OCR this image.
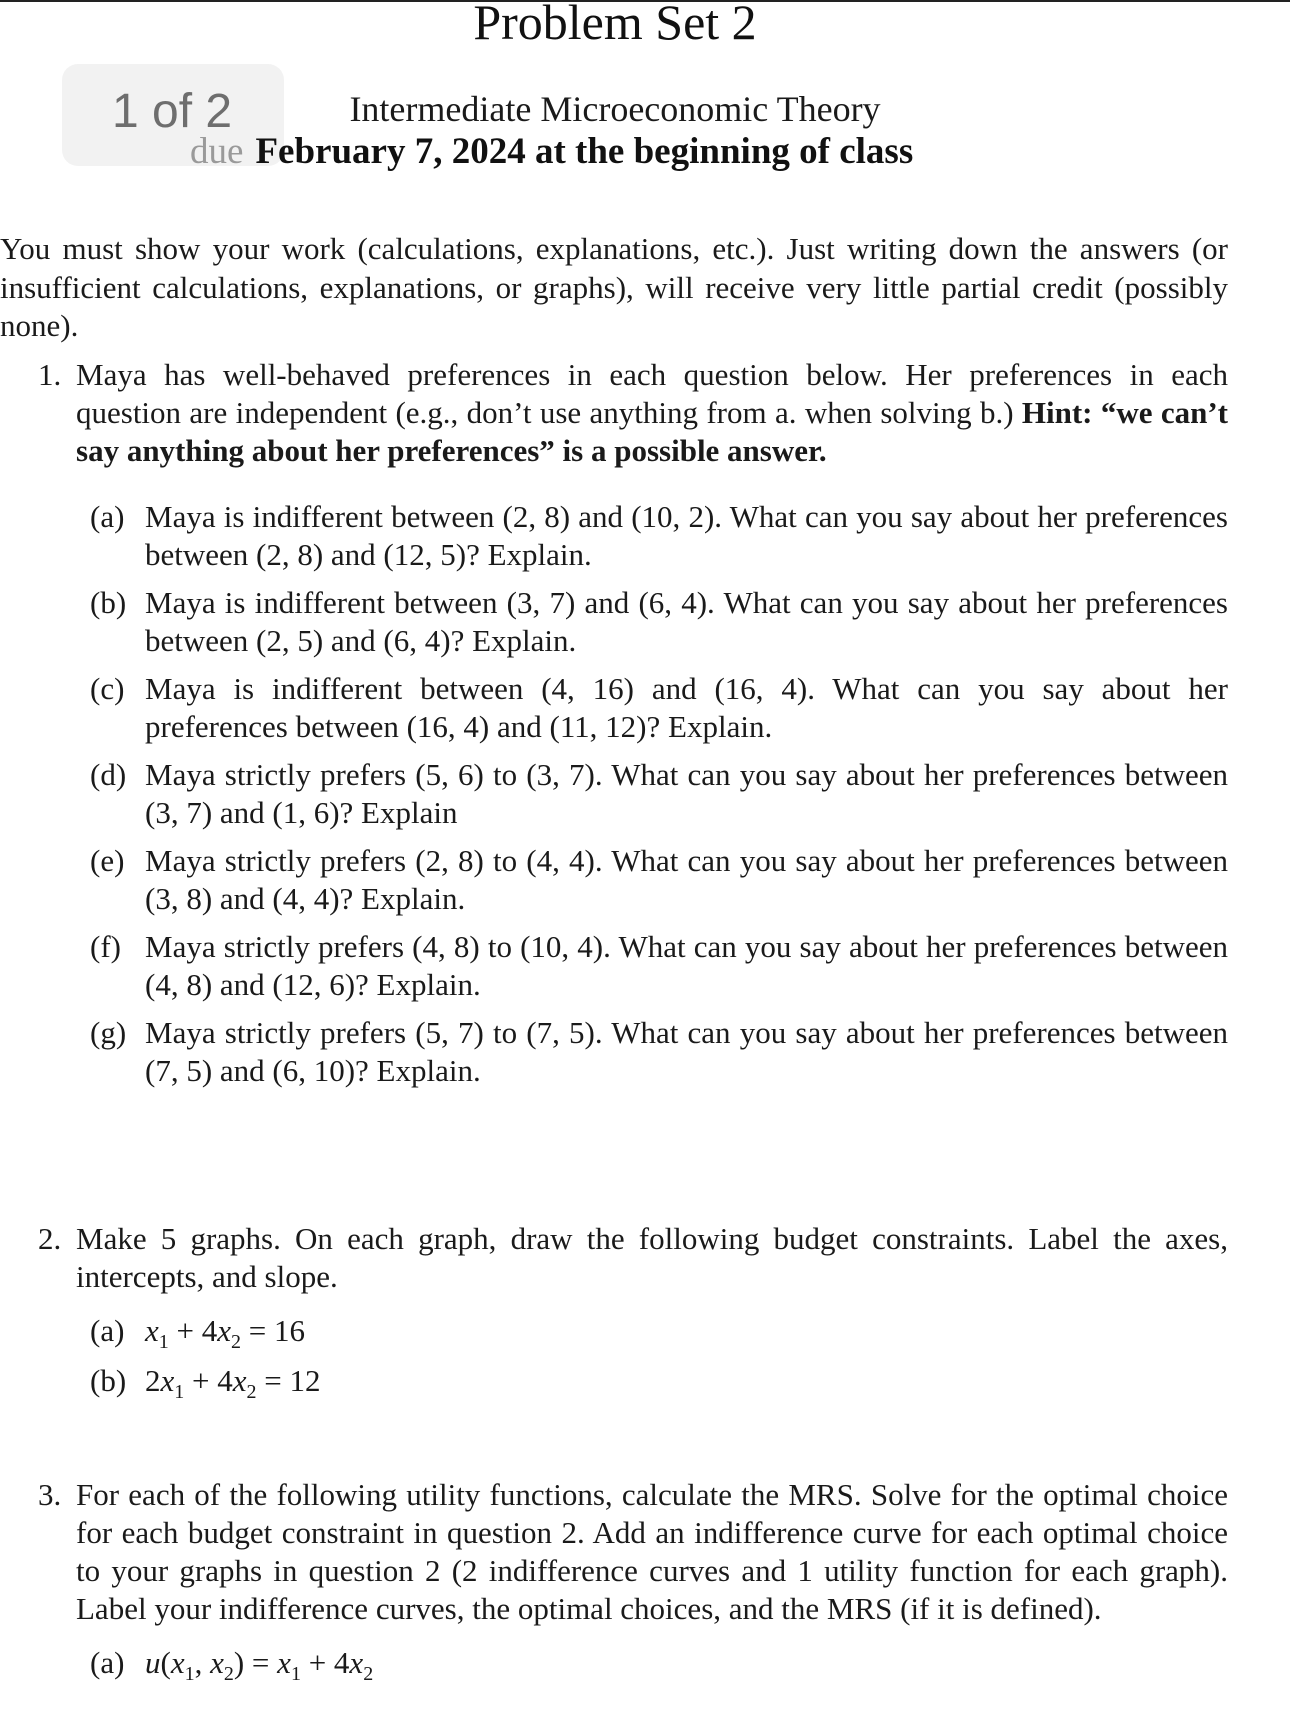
Problem Set 2
1 of 2	Intermediate Microeconomic Theory
due February 7, 2024 at the beginning of class
You must show your work (calculations, explanations, etc.). Just writing down the answers (or insufficient calculations, explanations, or graphs), will receive very little partial credit (possibly none).
1. Maya has well-behaved preferences in each question below. Her preferences in each question are independent (e.g., don’t use anything from a. when solving b.) Hint: “we can’t say anything about her preferences” is a possible answer.
(a) Maya is indifferent between (2, 8) and (10, 2). What can you say about her preferences between (2, 8) and (12, 5)? Explain.
(b) Maya is indifferent between (3, 7) and (6, 4). What can you say about her preferences between (2, 5) and (6, 4)? Explain.
(c) Maya is indifferent between (4, 16) and (16, 4). What can you say about her preferences between (16, 4) and (11, 12)? Explain.
(d) Maya strictly prefers (5, 6) to (3, 7). What can you say about her preferences between (3, 7) and (1, 6)? Explain
(e) Maya strictly prefers (2, 8) to (4, 4). What can you say about her preferences between (3, 8) and (4, 4)? Explain.
(f) Maya strictly prefers (4, 8) to (10, 4). What can you say about her preferences between (4, 8) and (12, 6)? Explain.
(g) Maya strictly prefers (5, 7) to (7, 5). What can you say about her preferences between (7, 5) and (6, 10)? Explain.
2. Make 5 graphs. On each graph, draw the following budget constraints. Label the axes, intercepts, and slope.
(a) $x_1 + 4x_2 = 16$
(b) $2x_1 + 4x_2 = 12$
3. For each of the following utility functions, calculate the MRS. Solve for the optimal choice for each budget constraint in question 2. Add an indifference curve for each optimal choice to your graphs in question 2 (2 indifference curves and 1 utility function for each graph). Label your indifference curves, the optimal choices, and the MRS (if it is defined).
(a) $u(x_1$, $x_2) = x_1 + 4x_2$
